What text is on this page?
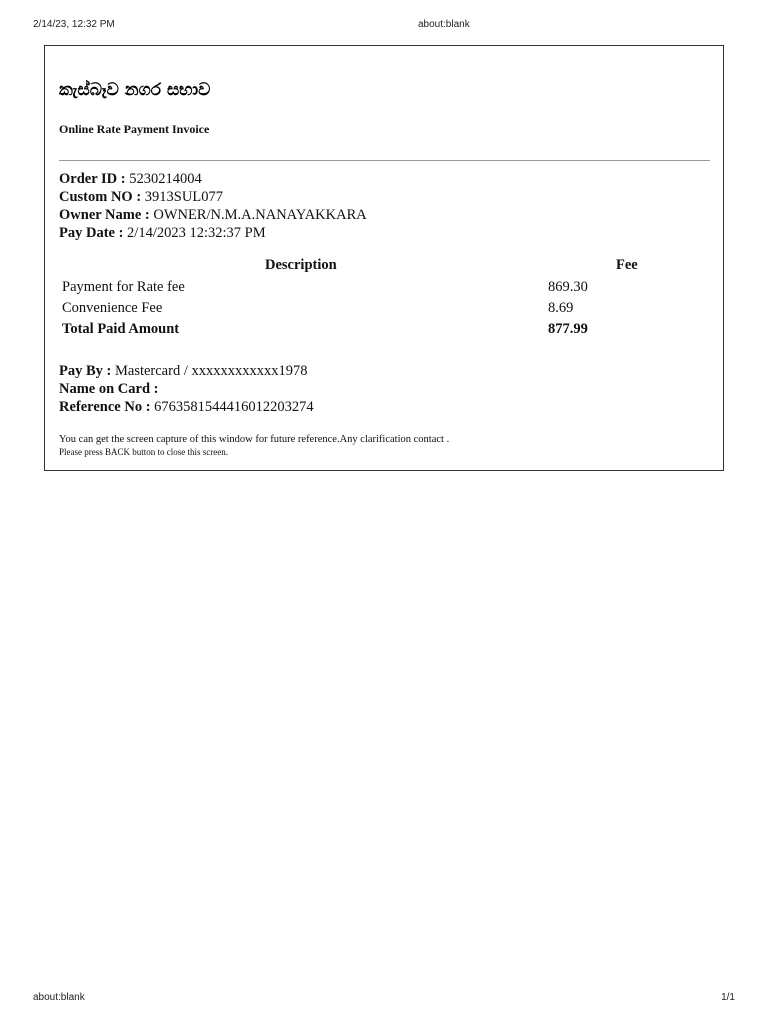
2/14/23, 12:32 PM	about:blank
කැස්බෑව නගර සභාව
Online Rate Payment Invoice
Order ID : 5230214004
Custom NO : 3913SUL077
Owner Name : OWNER/N.M.A.NANAYAKKARA
Pay Date : 2/14/2023 12:32:37 PM
Description	Fee
Payment for Rate fee	869.30
Convenience Fee	8.69
Total Paid Amount	877.99
Pay By : Mastercard / xxxxxxxxxxxx1978
Name on Card :
Reference No : 6763581544416012203274
You can get the screen capture of this window for future reference.Any clarification contact .
Please press BACK button to close this screen.
about:blank	1/1
